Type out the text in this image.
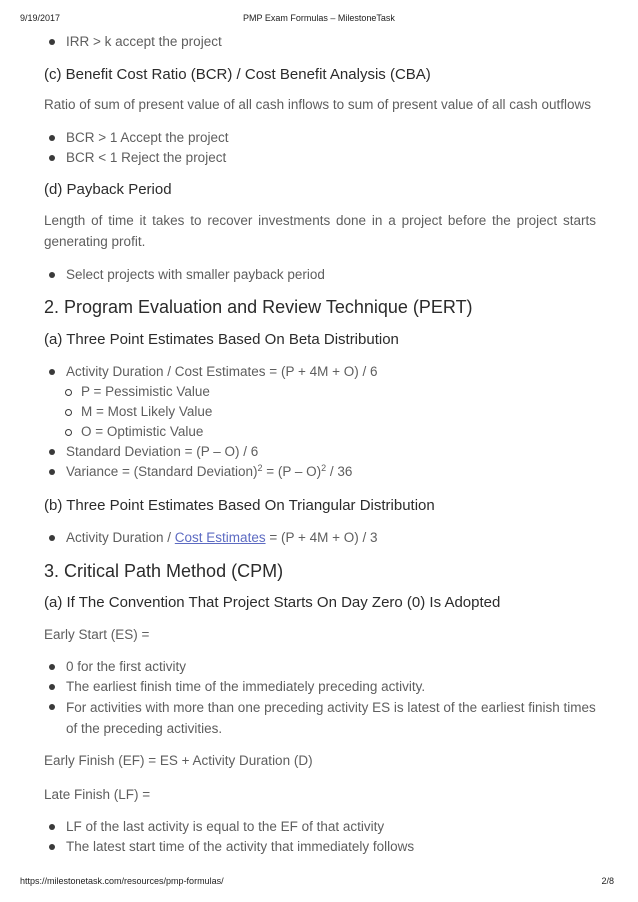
9/19/2017	PMP Exam Formulas – MilestoneTask
IRR > k accept the project
(c) Benefit Cost Ratio (BCR) / Cost Benefit Analysis (CBA)
Ratio of sum of present value of all cash inflows to sum of present value of all cash outflows
BCR > 1 Accept the project
BCR < 1 Reject the project
(d) Payback Period
Length of time it takes to recover investments done in a project before the project starts generating profit.
Select projects with smaller payback period
2. Program Evaluation and Review Technique (PERT)
(a) Three Point Estimates Based On Beta Distribution
Activity Duration / Cost Estimates = (P + 4M + O) / 6
P = Pessimistic Value
M = Most Likely Value
O = Optimistic Value
Standard Deviation = (P – O) / 6
Variance = (Standard Deviation)$^2$ = (P – O)$^2$ / 36
(b) Three Point Estimates Based On Triangular Distribution
Activity Duration / Cost Estimates = (P + 4M + O) / 3
3. Critical Path Method (CPM)
(a) If The Convention That Project Starts On Day Zero (0) Is Adopted
Early Start (ES) =
0 for the first activity
The earliest finish time of the immediately preceding activity.
For activities with more than one preceding activity ES is latest of the earliest finish times of the preceding activities.
Early Finish (EF) = ES + Activity Duration (D)
Late Finish (LF) =
LF of the last activity is equal to the EF of that activity
The latest start time of the activity that immediately follows
https://milestonetask.com/resources/pmp-formulas/	2/8
